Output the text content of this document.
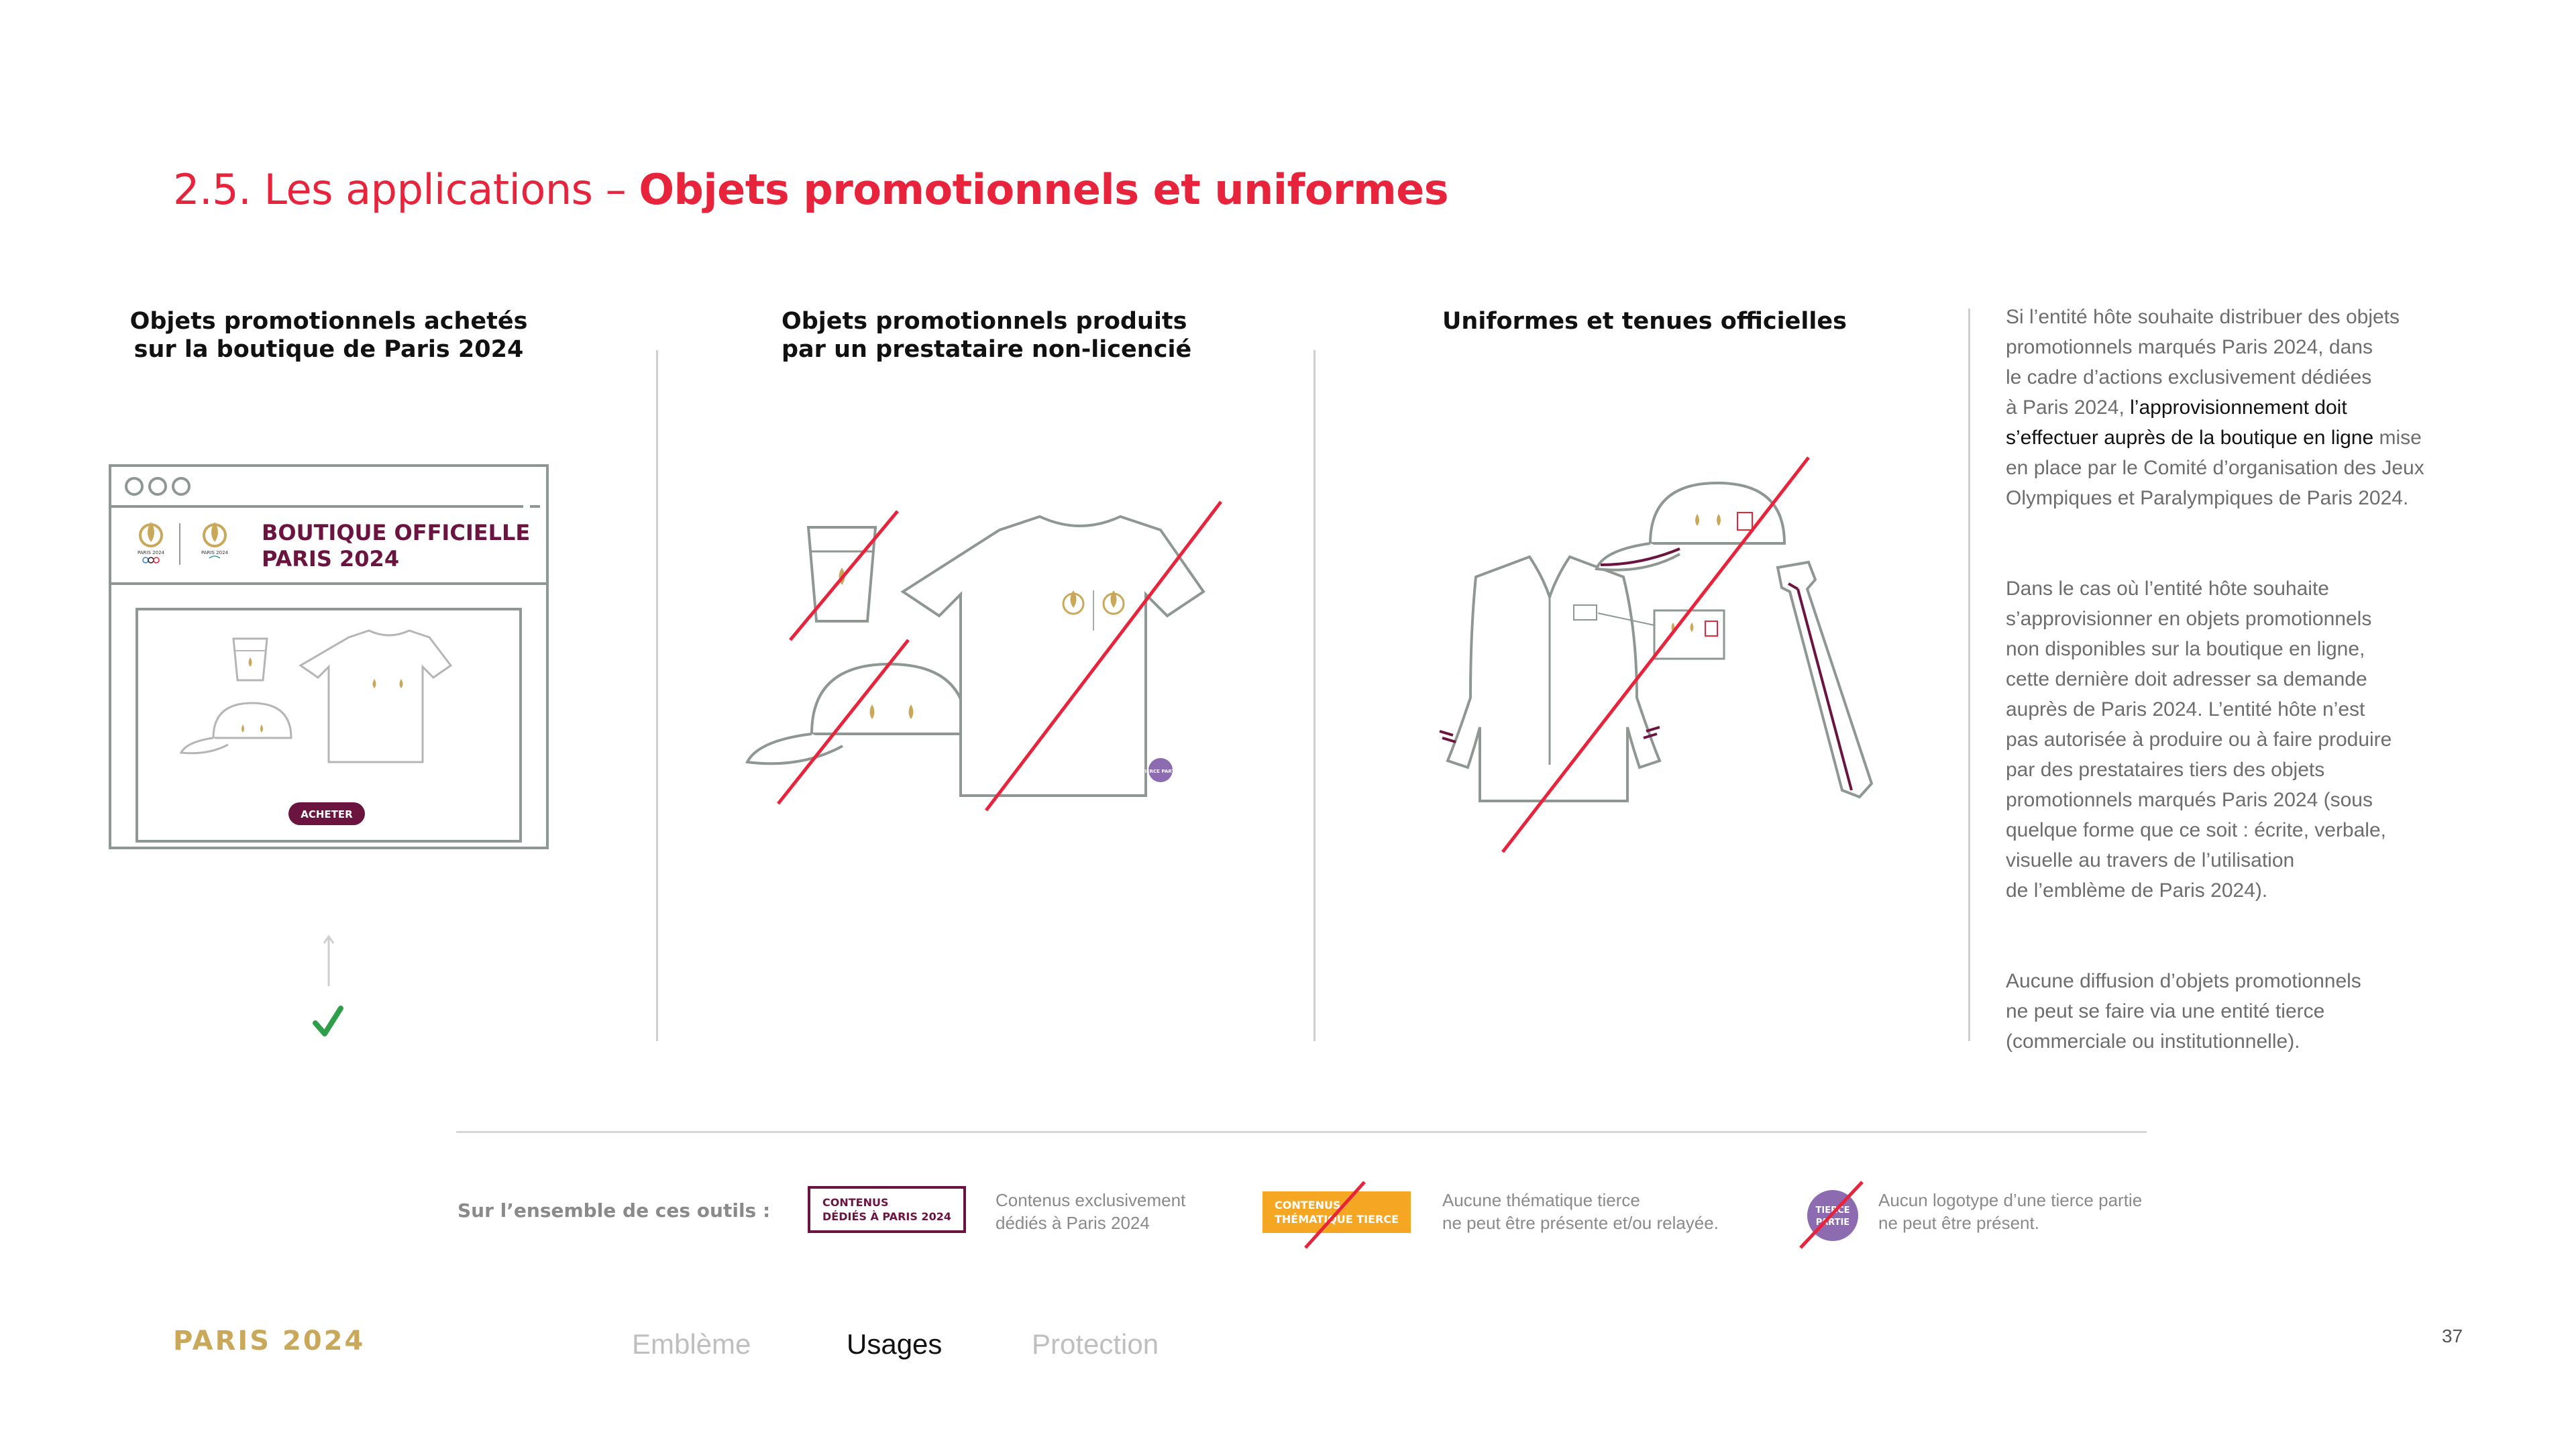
2.5. Les applications – Objets promotionnels et uniformes
Objets promotionnels achetés
sur la boutique de Paris 2024
Objets promotionnels produits
par un prestataire non-licencié
Uniformes et tenues officielles
PARIS 2024	PARIS 2024
BOUTIQUE OFFICIELLE
PARIS 2024
ACHETER
TIERCE PARTIE
Si l’entité hôte souhaite distribuer des objets
promotionnels marqués Paris 2024, dans
le cadre d’actions exclusivement dédiées
à Paris 2024, l’approvisionnement doit
s’effectuer auprès de la boutique en ligne mise
en place par le Comité d’organisation des Jeux
Olympiques et Paralympiques de Paris 2024.
Dans le cas où l’entité hôte souhaite
s’approvisionner en objets promotionnels
non disponibles sur la boutique en ligne,
cette dernière doit adresser sa demande
auprès de Paris 2024. L’entité hôte n’est
pas autorisée à produire ou à faire produire
par des prestataires tiers des objets
promotionnels marqués Paris 2024 (sous
quelque forme que ce soit : écrite, verbale,
visuelle au travers de l’utilisation
de l’emblème de Paris 2024).
Aucune diffusion d’objets promotionnels
ne peut se faire via une entité tierce
(commerciale ou institutionnelle).
Sur l’ensemble de ces outils :	CONTENUS
DÉDIÉS À PARIS 2024
Contenus exclusivement
dédiés à Paris 2024
CONTENUS
THÉMATIQUE TIERCE
Aucune thématique tierce
ne peut être présente et/ou relayée.
TIERCE
PARTIE
Aucun logotype d’une tierce partie
ne peut être présent.
PARIS 2024	Emblème	Usages	Protection	37
